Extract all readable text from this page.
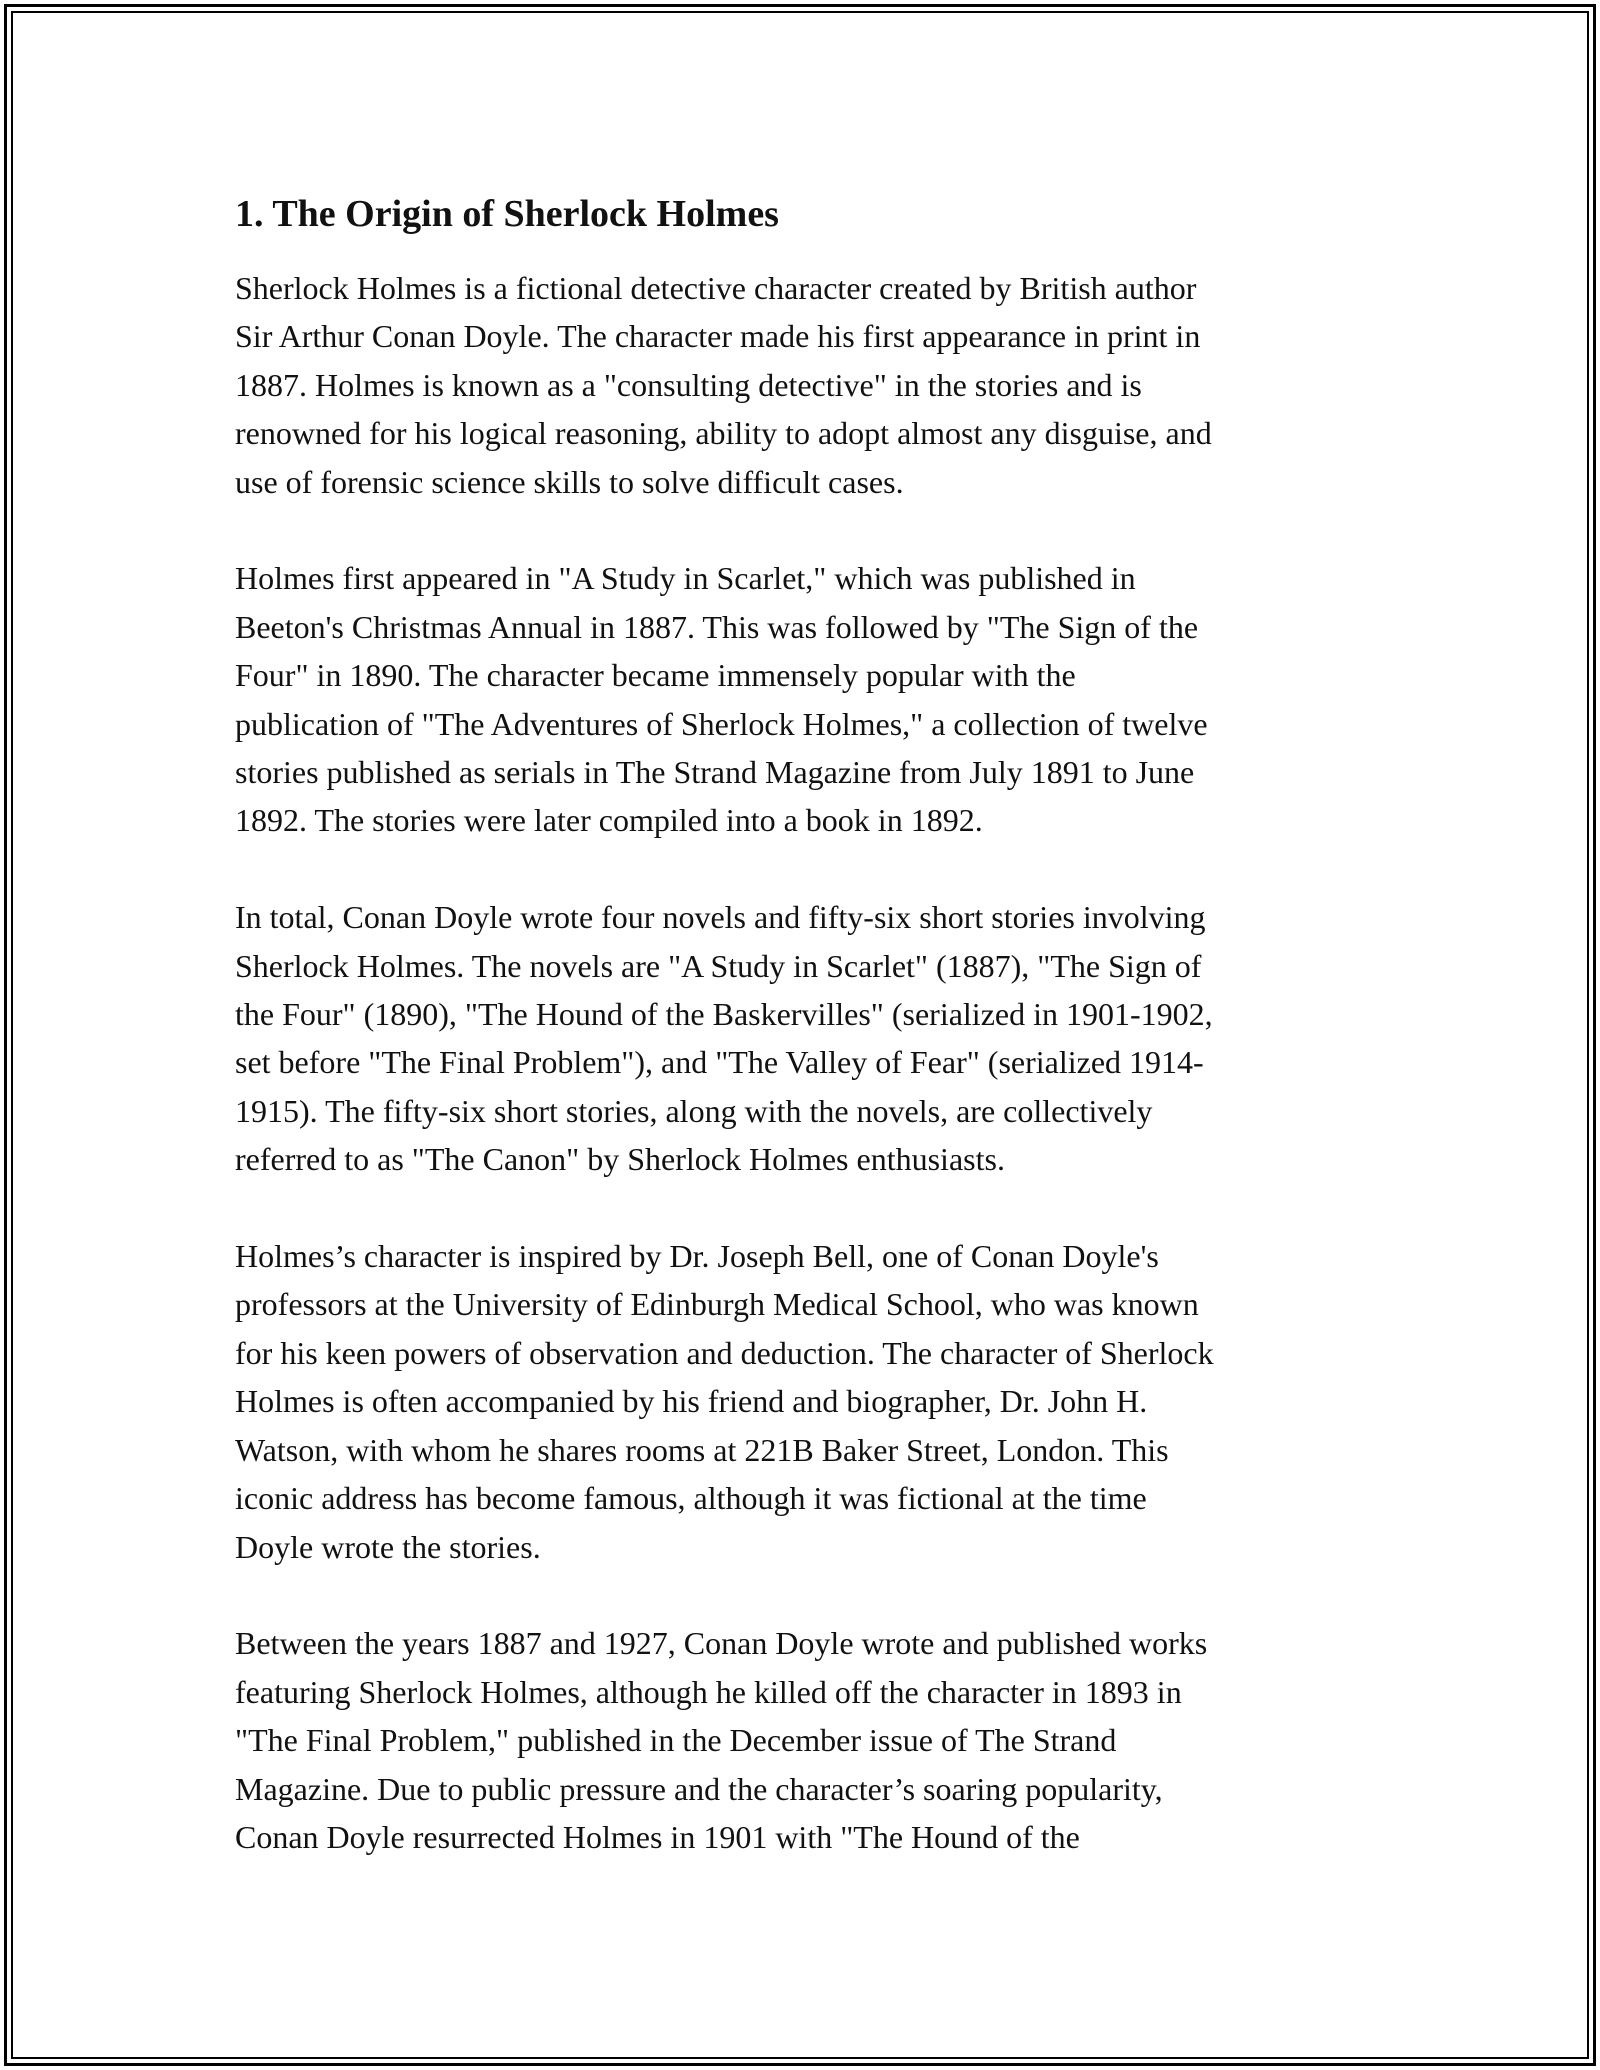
1. The Origin of Sherlock Holmes
Sherlock Holmes is a fictional detective character created by British author
Sir Arthur Conan Doyle. The character made his first appearance in print in
1887. Holmes is known as a "consulting detective" in the stories and is
renowned for his logical reasoning, ability to adopt almost any disguise, and
use of forensic science skills to solve difficult cases.
Holmes first appeared in "A Study in Scarlet," which was published in
Beeton's Christmas Annual in 1887. This was followed by "The Sign of the
Four" in 1890. The character became immensely popular with the
publication of "The Adventures of Sherlock Holmes," a collection of twelve
stories published as serials in The Strand Magazine from July 1891 to June
1892. The stories were later compiled into a book in 1892.
In total, Conan Doyle wrote four novels and fifty-six short stories involving
Sherlock Holmes. The novels are "A Study in Scarlet" (1887), "The Sign of
the Four" (1890), "The Hound of the Baskervilles" (serialized in 1901-1902,
set before "The Final Problem"), and "The Valley of Fear" (serialized 1914-
1915). The fifty-six short stories, along with the novels, are collectively
referred to as "The Canon" by Sherlock Holmes enthusiasts.
Holmes’s character is inspired by Dr. Joseph Bell, one of Conan Doyle's
professors at the University of Edinburgh Medical School, who was known
for his keen powers of observation and deduction. The character of Sherlock
Holmes is often accompanied by his friend and biographer, Dr. John H.
Watson, with whom he shares rooms at 221B Baker Street, London. This
iconic address has become famous, although it was fictional at the time
Doyle wrote the stories.
Between the years 1887 and 1927, Conan Doyle wrote and published works
featuring Sherlock Holmes, although he killed off the character in 1893 in
"The Final Problem," published in the December issue of The Strand
Magazine. Due to public pressure and the character’s soaring popularity,
Conan Doyle resurrected Holmes in 1901 with "The Hound of the
